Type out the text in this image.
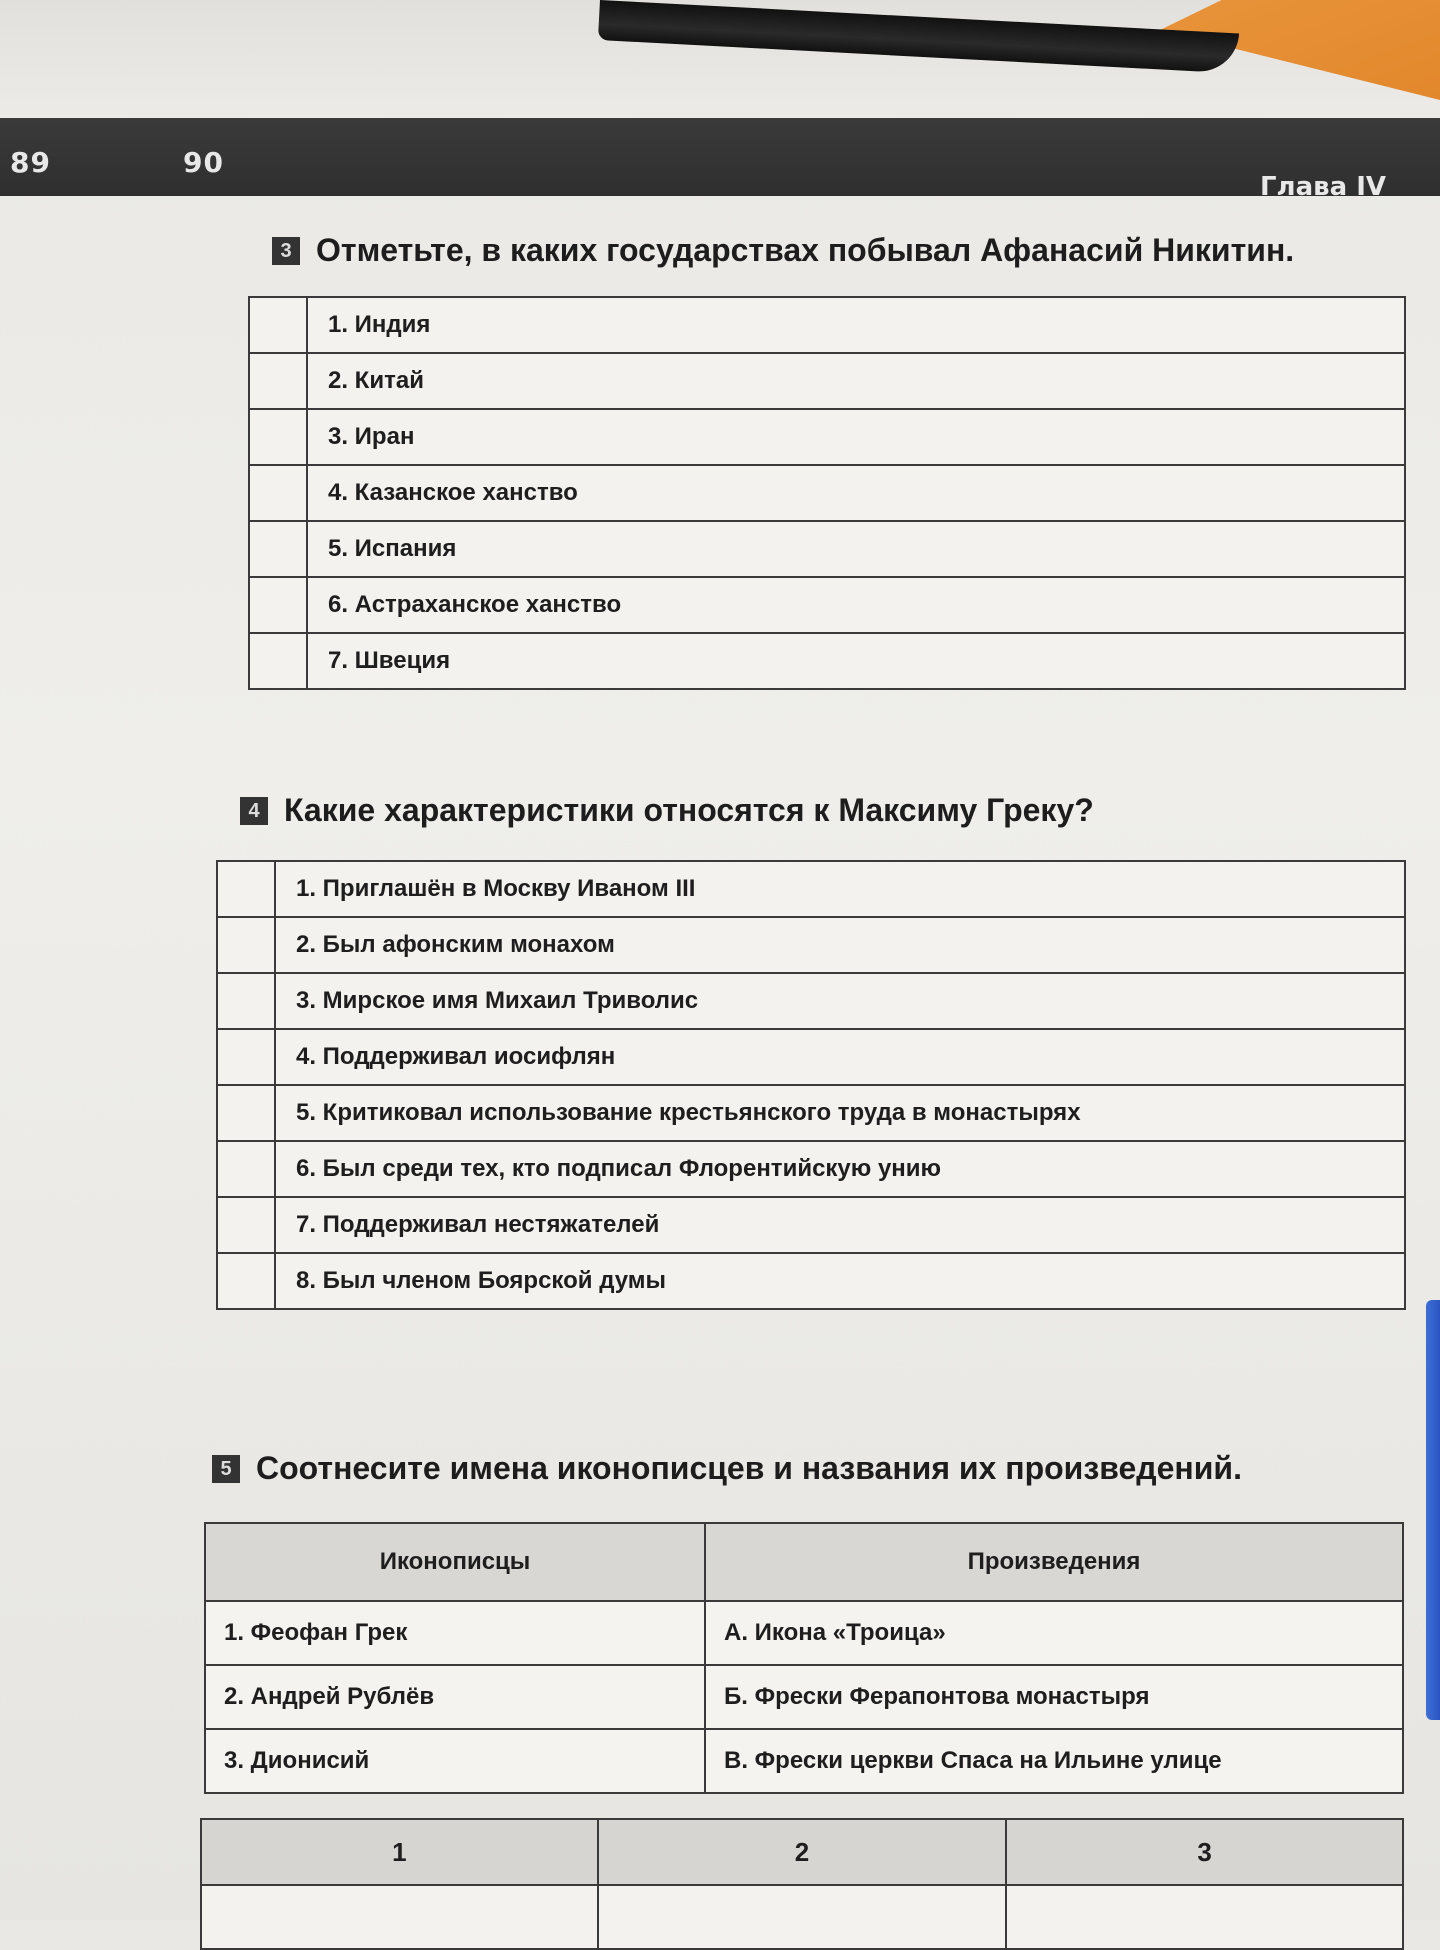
89	90
Глава IV
3 Отметьте, в каких государствах побывал Афанасий Никитин.
	1. Индия
	2. Китай
	3. Иран
	4. Казанское ханство
	5. Испания
	6. Астраханское ханство
	7. Швеция
4 Какие характеристики относятся к Максиму Греку?
	1. Приглашён в Москву Иваном III
	2. Был афонским монахом
	3. Мирское имя Михаил Триволис
	4. Поддерживал иосифлян
	5. Критиковал использование крестьянского труда в монастырях
	6. Был среди тех, кто подписал Флорентийскую унию
	7. Поддерживал нестяжателей
	8. Был членом Боярской думы
5 Соотнесите имена иконописцев и названия их произведений.
Иконописцы	Произведения
1. Феофан Грек	А. Икона «Троица»
2. Андрей Рублёв	Б. Фрески Ферапонтова монастыря
3. Дионисий	В. Фрески церкви Спаса на Ильине улице
1	2	3
